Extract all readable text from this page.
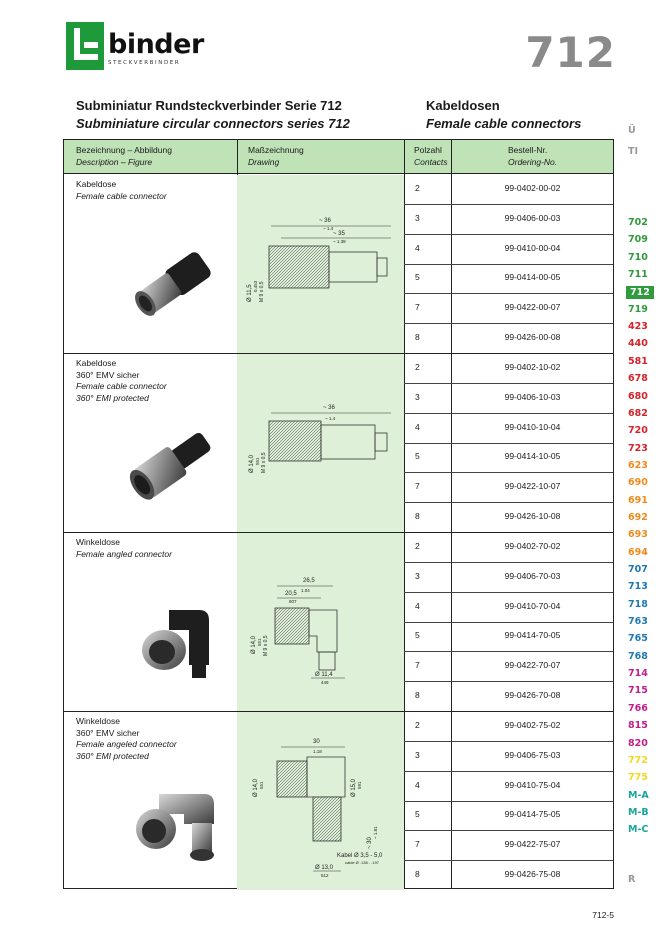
binder
STECKVERBINDER	712
Subminiatur Rundsteckverbinder Serie 712
Subminiature circular connectors series 712
Kabeldosen
Female cable connectors
Bezeichnung – Abbildung
Description – Figure
Maßzeichnung
Drawing
Polzahl
Contacts
Bestell-Nr.
Ordering-No.
Kabeldose
Female cable connector
2	99-0402-00-02
3	99-0406-00-03
4	99-0410-00-04
5	99-0414-00-05
7	99-0422-00-07
8	99-0426-00-08
~ 36
~ 1.4
~ 35
~ 1.38
Ø 11,5 0.453 M 9 x 0,5
Kabeldose
360° EMV sicher
Female cable connector
360° EMI protected
2	99-0402-10-02
3	99-0406-10-03
4	99-0410-10-04
5	99-0414-10-05
7	99-0422-10-07
8	99-0426-10-08
~ 36
~ 1.4
Ø 14,0 551 M 9 x 0,5
Winkeldose
Female angled connector
2	99-0402-70-02
3	99-0406-70-03
4	99-0410-70-04
5	99-0414-70-05
7	99-0422-70-07
8	99-0426-70-08
26,5
1.04
20,5
807
Ø 11,4
449
Ø 14,0 551 M 9 x 0,5
Winkeldose
360° EMV sicher
Female angeled connector
360° EMI protected
2	99-0402-75-02
3	99-0406-75-03
4	99-0410-75-04
5	99-0414-75-05
7	99-0422-75-07
8	99-0426-75-08
30
1.18
Ø 14,0 551	Ø 15,0 591
~ 30
~ 1.81
Kabel Ø 3,5 - 5,0
cable Ø .138 - .197
Ø 13,0
512
712-5
Ü
TI
702
709
710
711
712
719
423
440
581
678
680
682
720
723
623
690
691
692
693
694
707
713
718
763
765
768
714
715
766
815
820
772
775
M-A
M-B
M-C
R
